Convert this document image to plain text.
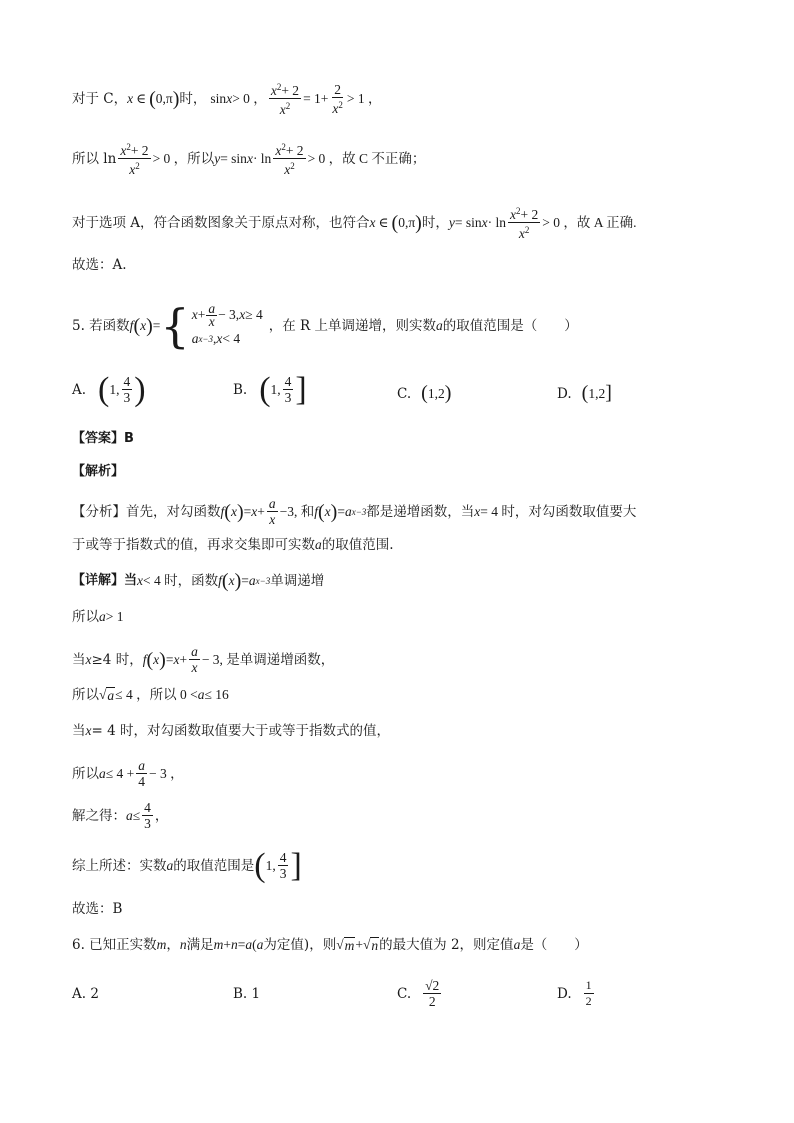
对于 C， x ∈ ( 0,π ) 时， sin x > 0 ， $\frac{x^2+ 2}{x^2} = 1+ \frac{2}{x^2} > 1$ ，
所以 $\ln \frac{x^2+ 2}{x^2} > 0$ ，所以 $y = \sin x \cdot \ln \frac{x^2+ 2}{x^2} > 0$ ，故 C 不正确；
对于选项 A，符合函数图象关于原点对称，也符合 x ∈ ( 0,π ) 时， $y = \sin x \cdot \ln \frac{x^2+ 2}{x^2} > 0$ ，故 A 正确.
故选：A.
5. 若函数 f ( x ) = { $x + \frac{a}{x} - 3$, x ≥ 4
a x−3 , x < 4
，在 R 上单调递增，则实数 a 的取值范围是（　　）
A. ( 1, $\frac{4}{3}$ )	B. ( 1, $\frac{4}{3}$ ]	C. ( 1,2 )	D. ( 1,2 ]
【答案】B
【解析】
【分析】首先，对勾函数 f ( x ) = $x + \frac{a}{x} -3$, 和 f ( x ) = a x−3 都是递增函数，当 x = 4 时，对勾函数取值要大
于或等于指数式的值，再求交集即可实数 a 的取值范围.
【详解】当 x < 4 时，函数 f ( x ) = a x−3 单调递增
所以 a > 1
当 x ≥4 时， f ( x ) = $x + \frac{a}{x} - 3$, 是单调递增函数，
所以 √ a ≤ 4 ，所以 0 < a ≤ 16
当 x = 4 时，对勾函数取值要大于或等于指数式的值，
所以 $a \le 4 + \frac{a}{4} - 3$ ，
解之得： $a \le \frac{4}{3}$ ，
综上所述：实数 a 的取值范围是 ( 1, $\frac{4}{3}$ ]
故选：B
6. 已知正实数 m ， n 满足 m + n = a ( a 为定值)，则 √ m + √ n 的最大值为 2，则定值 a 是（　　）
A. 2	B. 1	C. $\frac{√2}{2}$	D. $\frac{1}{2}$
